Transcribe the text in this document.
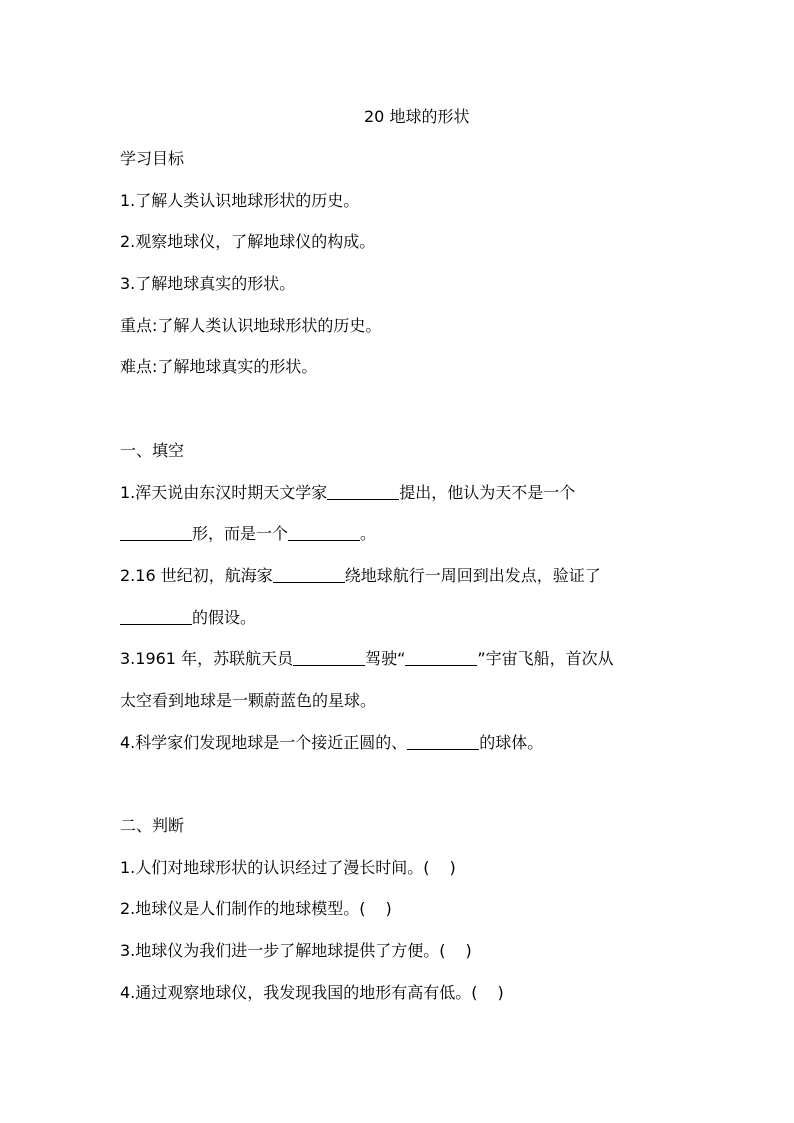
20 地球的形状
学习目标
1.了解人类认识地球形状的历史。
2.观察地球仪，了解地球仪的构成。
3.了解地球真实的形状。
重点:了解人类认识地球形状的历史。
难点:了解地球真实的形状。
一、填空
1.浑天说由东汉时期天文学家	提出，他认为天不是一个
形，而是一个	。
2.16 世纪初，航海家	绕地球航行一周回到出发点，验证了
的假设。
3.1961 年，苏联航天员	驾驶“	”宇宙飞船，首次从
太空看到地球是一颗蔚蓝色的星球。
4.科学家们发现地球是一个接近正圆的、	的球体。
二、判断
1.人们对地球形状的认识经过了漫长时间。( )
2.地球仪是人们制作的地球模型。( )
3.地球仪为我们进一步了解地球提供了方便。( )
4.通过观察地球仪，我发现我国的地形有高有低。( )
